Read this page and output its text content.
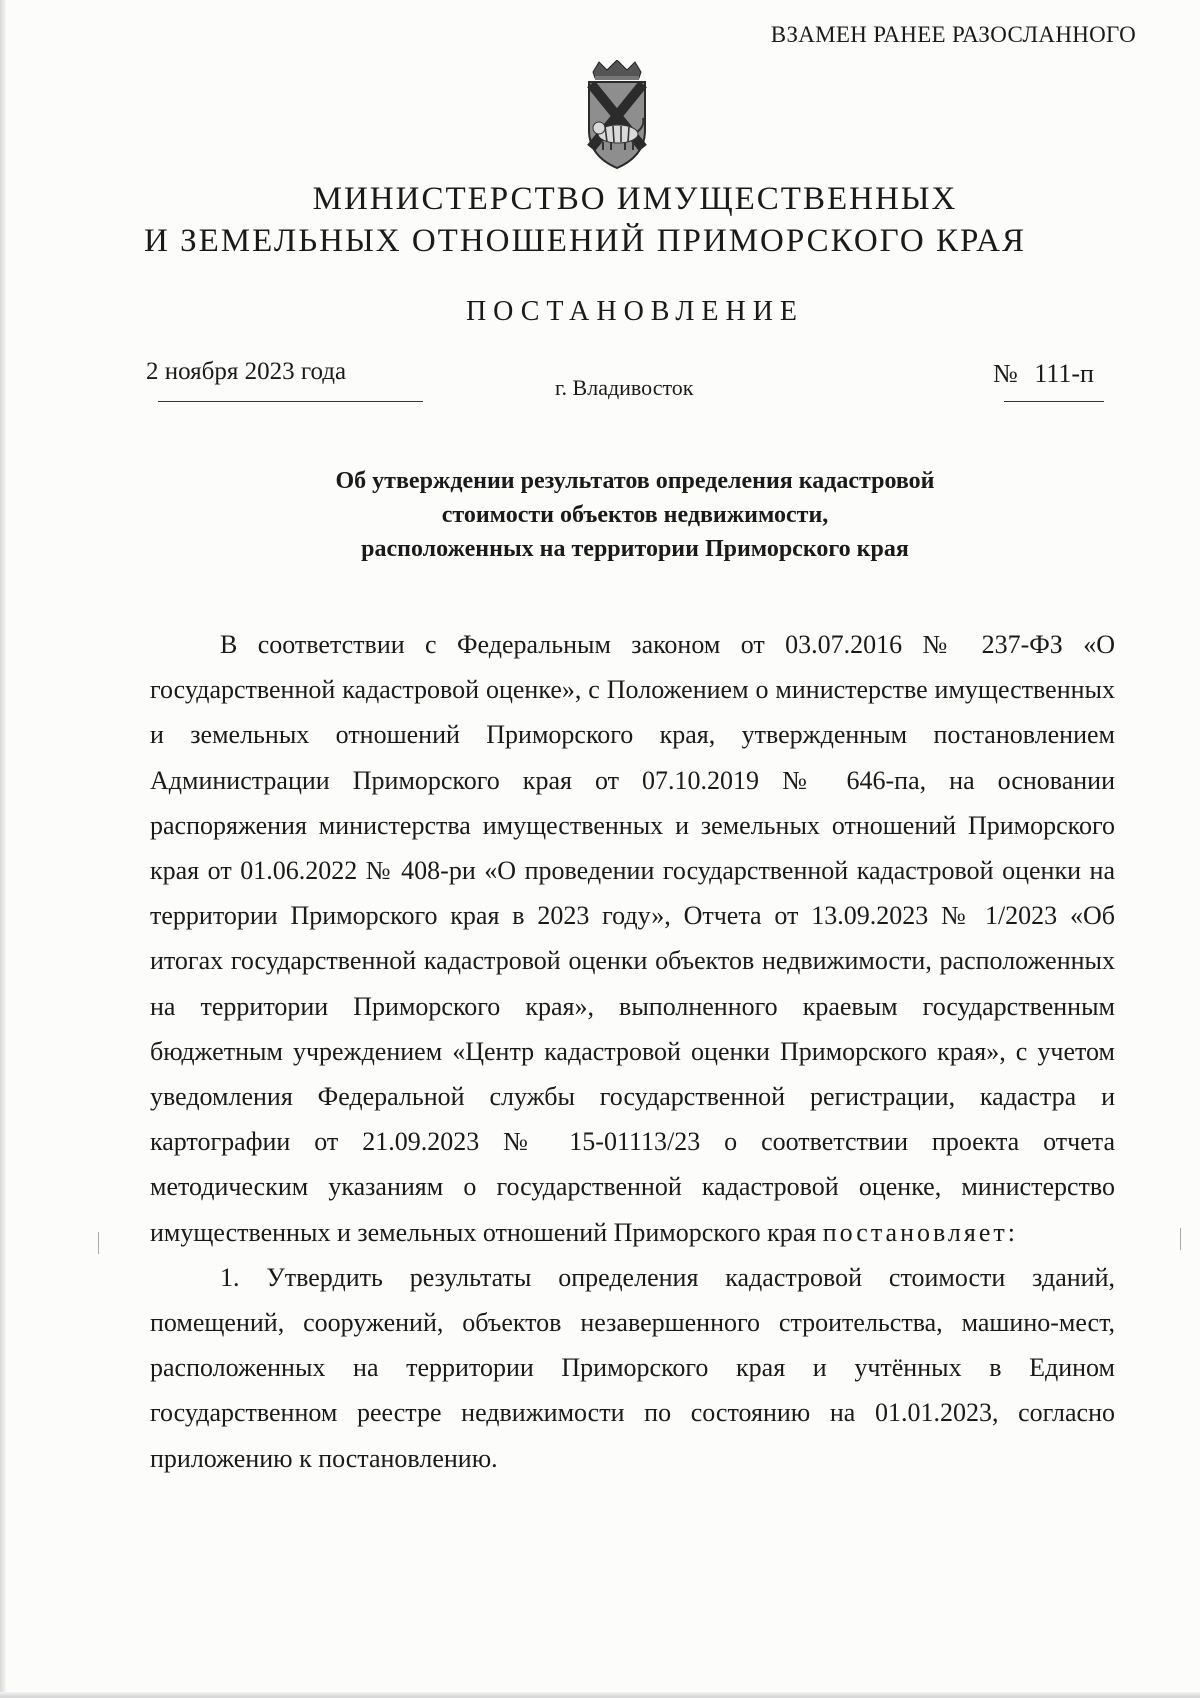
ВЗАМЕН РАНЕЕ РАЗОСЛАННОГО
МИНИСТЕРСТВО ИМУЩЕСТВЕННЫХ

И ЗЕМЕЛЬНЫХ ОТНОШЕНИЙ ПРИМОРСКОГО КРАЯ
ПОСТАНОВЛЕНИЕ
2 ноября 2023 года
г. Владивосток	№ 111-п
Об утверждении результатов определения кадастровой
стоимости объектов недвижимости,
расположенных на территории Приморского края

В соответствии с Федеральным законом от 03.07.2016 № 237-ФЗ «О государственной кадастровой оценке», с Положением о министерстве имущественных и земельных отношений Приморского края, утвержденным постановлением Администрации Приморского края от 07.10.2019 № 646-па, на основании распоряжения министерства имущественных и земельных отношений Приморского края от 01.06.2022 № 408-ри «О проведении государственной кадастровой оценки на территории Приморского края в 2023 году», Отчета от 13.09.2023 № 1/2023 «Об итогах государственной кадастровой оценки объектов недвижимости, расположенных на территории Приморского края», выполненного краевым государственным бюджетным учреждением «Центр кадастровой оценки Приморского края», с учетом уведомления Федеральной службы государственной регистрации, кадастра и картографии от 21.09.2023 № 15-01113/23 о соответствии проекта отчета методическим указаниям о государственной кадастровой оценке, министерство имущественных и земельных отношений Приморского края постановляет:

1. Утвердить результаты определения кадастровой стоимости зданий, помещений, сооружений, объектов незавершенного строительства, машино-мест, расположенных на территории Приморского края и учтённых в Едином государственном реестре недвижимости по состоянию на 01.01.2023, согласно приложению к постановлению.
